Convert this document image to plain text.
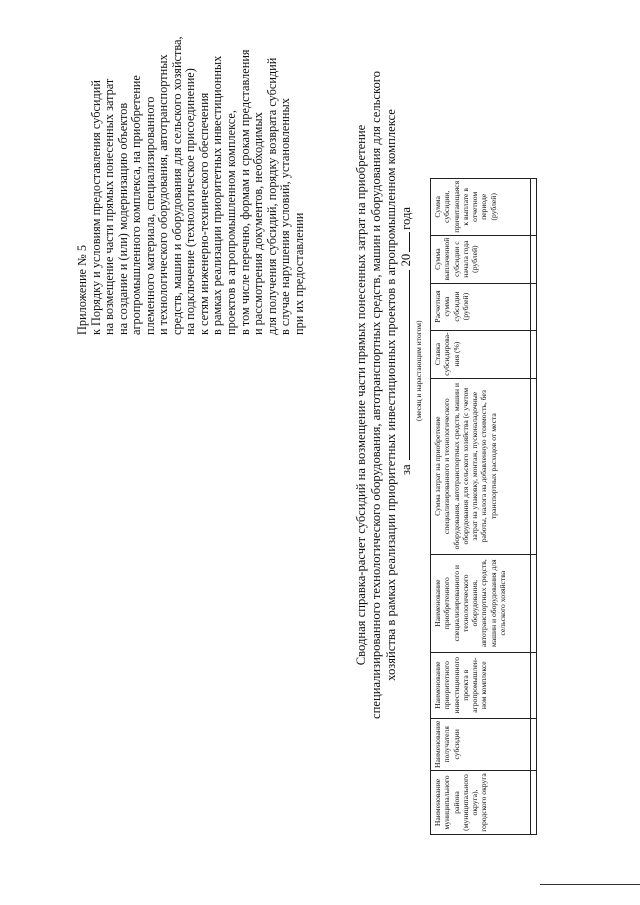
Приложение № 5 к Порядку и условиям предоставления субсидий на возмещение части прямых понесенных затрат на создание и (или) модернизацию объектов агропромышленного комплекса, на приобретение племенного материала, специализированного и технологического оборудования, автотранспортных средств, машин и оборудования для сельского хозяйства, на подключение (технологическое присоединение) к сетям инженерно-технического обеспечения в рамках реализации приоритетных инвестиционных проектов в агропромышленном комплексе, в том числе перечню, формам и срокам представления и рассмотрения документов, необходимых для получения субсидий, порядку возврата субсидий в случае нарушения условий, установленных при их предоставлении	Сводная справка-расчет субсидий на возмещение части прямых понесенных затрат на приобретение специализированного технологического оборудования, автотранспортных средств, машин и оборудования для сельского хозяйства в рамках реализации приоритетных инвестиционных проектов в агропромышленном комплексе за20года
(месяц и нарастающим итогом)
Наименование муниципального района (муниципального округа), городского округа	Наименование получателя субсидии	Наименование приоритетного инвестиционного проекта в агропромышлен-ном комплексе	Наименование приобретенного специализированного и технологического оборудования, автотранспортных средств, машин и оборудования для сельского хозяйства	Сумма затрат на приобретение специализированного и технологического оборудования, автотранспортных средств, машин и оборудования для сельского хозяйства (с учетом затрат на упаковку, монтаж, пусконаладочные работы, налога на добавленную стоимость, без транспортных расходов от места	Ставка субсидирова-ния (%)	Расчетная сумма субсидии (рублей)	Сумма выплаченной субсидии с начала года (рублей)	Сумма субсидии, причитающаяся к выплате в отчетном периоде (рублей)
